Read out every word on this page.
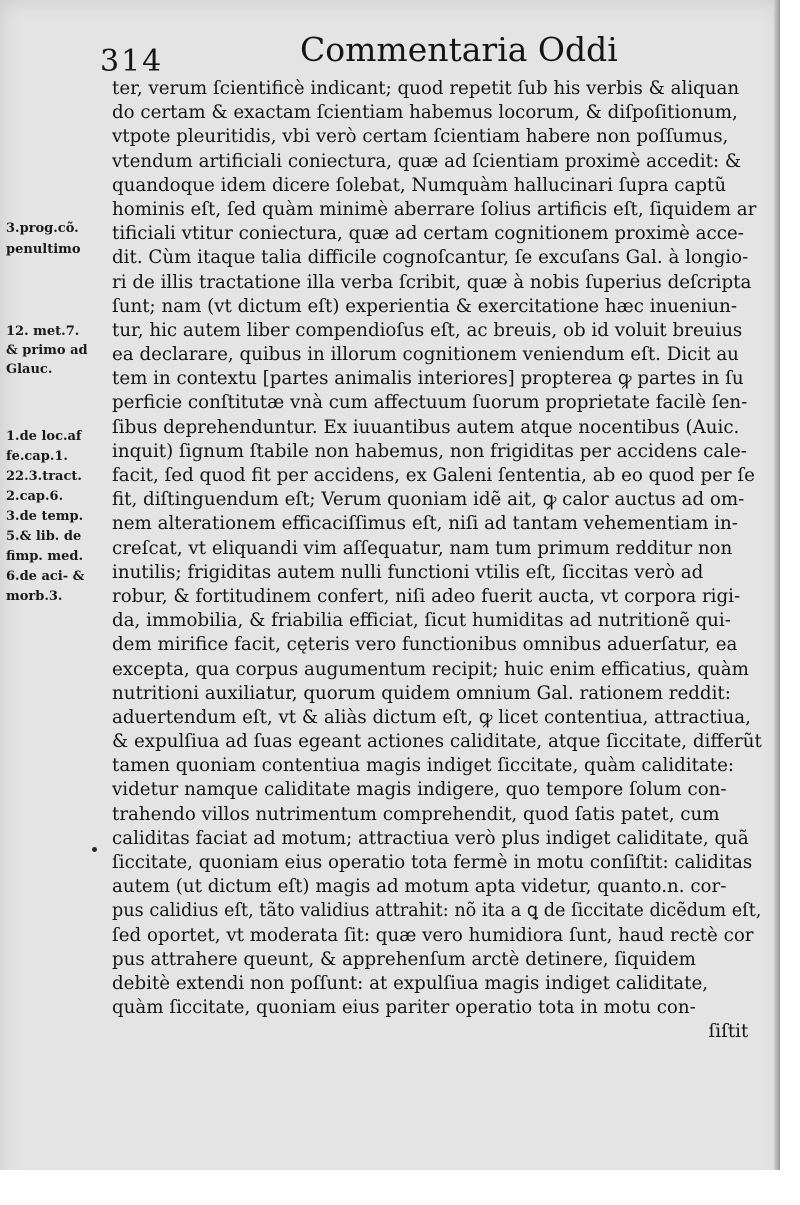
314	Commentaria Oddi
3.prog.cõ.
penultimo
12. met.7.
& primo ad
Glauc.
1.de loc.af
fe.cap.1.
22.3.tract.
2.cap.6.
3.de temp.
5.& lib. de
fimp. med.
6.de aci- &
morb.3.
ter, verum ſcientificè indicant; quod repetit ſub his verbis & aliquan
do certam & exactam ſcientiam habemus locorum, & diſpoſitionum,
vtpote pleuritidis, vbi verò certam ſcientiam habere non poſſumus,
vtendum artificiali coniectura, quæ ad ſcientiam proximè accedit: &
quandoque idem dicere ſolebat, Numquàm hallucinari ſupra captũ
hominis eſt, ſed quàm minimè aberrare ſolius artificis eſt, ſiquidem ar
tificiali vtitur coniectura, quæ ad certam cognitionem proximè acce-
dit. Cùm itaque talia difficile cognoſcantur, ſe excuſans Gal. à longio-
ri de illis tractatione illa verba ſcribit, quæ à nobis ſuperius deſcripta
ſunt; nam (vt dictum eſt) experientia & exercitatione hæc inueniun-
tur, hic autem liber compendioſus eſt, ac breuis, ob id voluit breuius
ea declarare, quibus in illorum cognitionem veniendum eſt. Dicit au
tem in contextu [partes animalis interiores] propterea ꝙ partes in ſu
perficie conſtitutæ vnà cum affectuum ſuorum proprietate facilè ſen-
ſibus deprehenduntur. Ex iuuantibus autem atque nocentibus (Auic.
inquit) ſignum ſtabile non habemus, non frigiditas per accidens cale-
facit, ſed quod fit per accidens, ex Galeni ſententia, ab eo quod per ſe
fit, diſtinguendum eſt; Verum quoniam idẽ ait, ꝙ calor auctus ad om-
nem alterationem efficaciſſimus eſt, niſi ad tantam vehementiam in-
creſcat, vt eliquandi vim aſſequatur, nam tum primum redditur non
inutilis; frigiditas autem nulli functioni vtilis eſt, ſiccitas verò ad
robur, & fortitudinem confert, niſi adeo fuerit aucta, vt corpora rigi-
da, immobilia, & friabilia efficiat, ſicut humiditas ad nutritionẽ qui-
dem mirifice facit, cęteris vero functionibus omnibus aduerſatur, ea
excepta, qua corpus augumentum recipit; huic enim efficatius, quàm
nutritioni auxiliatur, quorum quidem omnium Gal. rationem reddit:
aduertendum eſt, vt & aliàs dictum eſt, ꝙ licet contentiua, attractiua,
& expulſiua ad ſuas egeant actiones caliditate, atque ſiccitate, differũt
tamen quoniam contentiua magis indiget ſiccitate, quàm caliditate:
videtur namque caliditate magis indigere, quo tempore ſolum con-
trahendo villos nutrimentum comprehendit, quod ſatis patet, cum
caliditas faciat ad motum; attractiua verò plus indiget caliditate, quã
ſiccitate, quoniam eius operatio tota fermè in motu conſiſtit: caliditas
autem (ut dictum eſt) magis ad motum apta videtur, quanto.n. cor-
pus calidius eſt, tãto validius attrahit: nõ ita a ꝗ de ſiccitate dicẽdum eſt,
ſed oportet, vt moderata ſit: quæ vero humidiora ſunt, haud rectè cor
pus attrahere queunt, & apprehenſum arctè detinere, ſiquidem
debitè extendi non poſſunt: at expulſiua magis indiget caliditate,
quàm ſiccitate, quoniam eius pariter operatio tota in motu con-
ſiſtit
